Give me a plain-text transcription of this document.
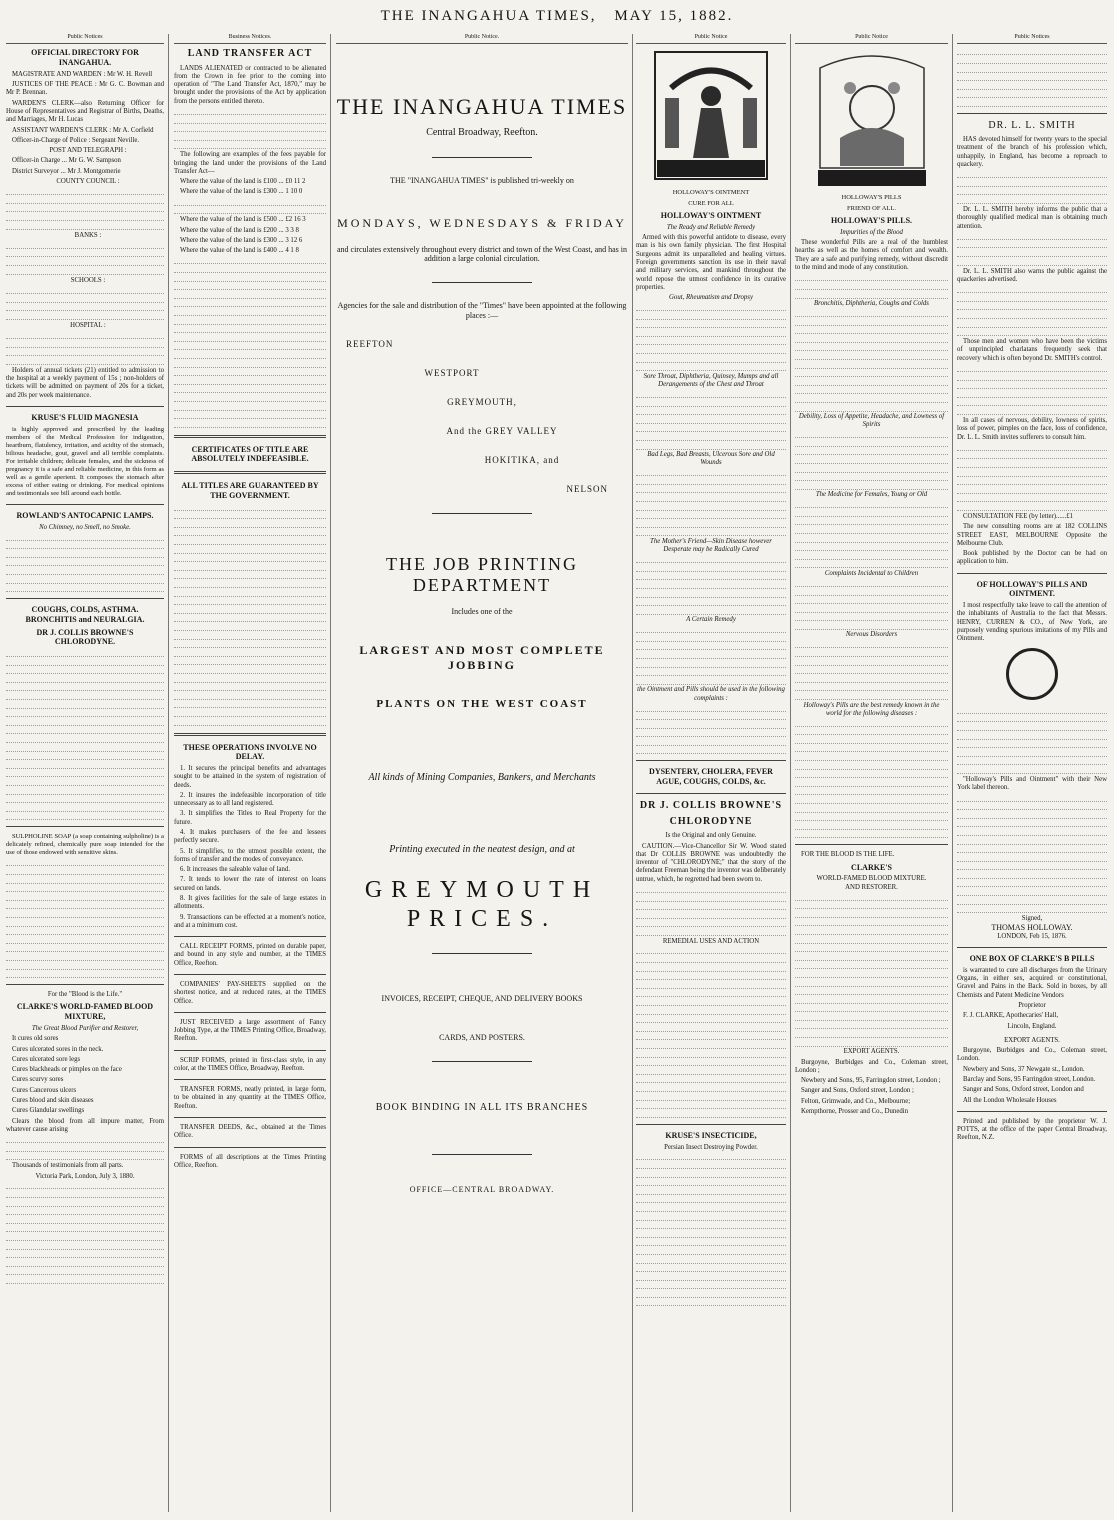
THE INANGAHUA TIMES, MAY 15, 1882.
Public Notices
OFFICIAL DIRECTORY FOR INANGAHUA.
MAGISTRATE AND WARDEN : Mr W. H. Revell
JUSTICES OF THE PEACE : Mr G. C. Bowman and Mr P. Brennan.
WARDEN'S CLERK—also Returning Officer for House of Representatives and Registrar of Births, Deaths, and Marriages, Mr H. Lucas
ASSISTANT WARDEN'S CLERK : Mr A. Corfield
Officer-in-Charge of Police : Sergeant Neville.
POST AND TELEGRAPH :
Officer-in Charge ... Mr G. W. Sampson
District Surveyor ... Mr J. Montgomerie
COUNTY COUNCIL :
BANKS :
SCHOOLS :
HOSPITAL :
Holders of annual tickets (21) entitled to admission to the hospital at a weekly payment of 15s ; non-holders of tickets will be admitted on payment of 20s for a ticket, and 20s per week maintenance.
KRUSE'S FLUID MAGNESIA
is highly approved and prescribed by the leading members of the Medical Profession for indigestion, heartburn, flatulency, irritation, and acidity of the stomach, bilious headache, gout, gravel and all terrible complaints. For irritable children; delicate females, and the sickness of pregnancy it is a safe and reliable medicine, in this form as well as a gentle aperient. It composes the stomach after excess of either eating or drinking. For medical opinions and testimonials see bill around each bottle.
ROWLAND'S ANTOCAPNIC LAMPS.
No Chimney, no Smell, no Smoke.
COUGHS, COLDS, ASTHMA. BRONCHITIS and NEURALGIA.
DR J. COLLIS BROWNE'S CHLORODYNE.
SULPHOLINE SOAP (a soap containing sulpholine) is a delicately refined, chemically pure soap intended for the use of those endowed with sensitive skins.
For the "Blood is the Life."
CLARKE'S WORLD-FAMED BLOOD MIXTURE,
The Great Blood Purifier and Restorer,
It cures old sores
Cures ulcerated sores in the neck.
Cures ulcerated sore legs
Cures blackheads or pimples on the face
Cures scurvy sores
Cures Cancerous ulcers
Cures blood and skin diseases
Cures Glandular swellings
Clears the blood from all impure matter, From whatever cause arising
Thousands of testimonials from all parts.
Victoria Park, London, July 3, 1880.
Business Notices.
LAND TRANSFER ACT
LANDS ALIENATED or contracted to be alienated from the Crown in fee prior to the coming into operation of "The Land Transfer Act, 1870," may be brought under the provisions of the Act by application from the persons entitled thereto.
The following are examples of the fees payable for bringing the land under the provisions of the Land Transfer Act—
Where the value of the land is £100 ... £0 11 2
Where the value of the land is £300 ... 1 10 0
Where the value of the land is £500 ... £2 16 3
Where the value of the land is £200 ... 3 3 8
Where the value of the land is £300 ... 3 12 6
Where the value of the land is £400 ... 4 1 8
CERTIFICATES OF TITLE ARE ABSOLUTELY INDEFEASIBLE.
ALL TITLES ARE GUARANTEED BY THE GOVERNMENT.
THESE OPERATIONS INVOLVE NO DELAY.
1. It secures the principal benefits and advantages sought to be attained in the system of registration of deeds.
2. It insures the indefeasible incorporation of title unnecessary as to all land registered.
3. It simplifies the Titles to Real Property for the future.
4. It makes purchasers of the fee and lessees perfectly secure.
5. It simplifies, to the utmost possible extent, the forms of transfer and the modes of conveyance.
6. It increases the saleable value of land.
7. It tends to lower the rate of interest on loans secured on lands.
8. It gives facilities for the sale of large estates in allotments.
9. Transactions can be effected at a moment's notice, and at a minimum cost.
CALL RECEIPT FORMS, printed on durable paper, and bound in any style and number, at the TIMES Office, Reefton.
COMPANIES' PAY-SHEETS supplied on the shortest notice, and at reduced rates, at the TIMES Office.
JUST RECEIVED a large assortment of Fancy Jobbing Type, at the TIMES Printing Office, Broadway, Reefton.
SCRIP FORMS, printed in first-class style, in any color, at the TIMES Office, Broadway, Reefton.
TRANSFER FORMS, neatly printed, in large form, to be obtained in any quantity at the TIMES Office, Reefton.
TRANSFER DEEDS, &c., obtained at the Times Office.
FORMS of all descriptions at the Times Printing Office, Reefton.
Public Notice.
THE INANGAHUA TIMES
Central Broadway, Reefton.
THE "INANGAHUA TIMES" is published tri-weekly on
MONDAYS, WEDNESDAYS & FRIDAY
and circulates extensively throughout every district and town of the West Coast, and has in addition a large colonial circulation.
Agencies for the sale and distribution of the "Times" have been appointed at the following places :—
REEFTON
WESTPORT
GREYMOUTH,
And the GREY VALLEY
HOKITIKA, and
NELSON
THE JOB PRINTING DEPARTMENT
Includes one of the
LARGEST AND MOST COMPLETE JOBBING
PLANTS ON THE WEST COAST
All kinds of Mining Companies, Bankers, and Merchants
Printing executed in the neatest design, and at
GREYMOUTH PRICES.
INVOICES, RECEIPT, CHEQUE, AND DELIVERY BOOKS
CARDS, AND POSTERS.
BOOK BINDING IN ALL ITS BRANCHES
OFFICE—CENTRAL BROADWAY.
Public Notice
HOLLOWAY'S OINTMENT
CURE FOR ALL
HOLLOWAY'S OINTMENT
The Ready and Reliable Remedy
Armed with this powerful antidote to disease, every man is his own family physician. The first Hospital Surgeons admit its unparalleled and healing virtues. Foreign governments sanction its use in their naval and military services, and mankind throughout the world repose the utmost confidence in its curative properties.
Gout, Rheumatism and Dropsy
Sore Throat, Diphtheria, Quinsey, Mumps and all Derangements of the Chest and Throat
Bad Legs, Bad Breasts, Ulcerous Sore and Old Wounds
The Mother's Friend—Skin Disease however Desperate may be Radically Cured
A Certain Remedy
the Ointment and Pills should be used in the following complaints :
DYSENTERY, CHOLERA, FEVER AGUE, COUGHS, COLDS, &c.
DR J. COLLIS BROWNE'S
CHLORODYNE
Is the Original and only Genuine.
CAUTION.—Vice-Chancellor Sir W. Wood stated that Dr COLLIS BROWNE was undoubtedly the inventor of "CHLORODYNE;" that the story of the defendant Freeman being the inventor was deliberately untrue, which, he regretted had been sworn to.
REMEDIAL USES AND ACTION
KRUSE'S INSECTICIDE,
Persian Insect Destroying Powder.
Public Notice
HOLLOWAY'S PILLS
FRIEND OF ALL.
HOLLOWAY'S PILLS.
Impurities of the Blood
These wonderful Pills are a real of the humblest hearths as well as the homes of comfort and wealth. They are a safe and purifying remedy, without discredit to the mind and mode of any constitution.
Bronchitis, Diphtheria, Coughs and Colds
Debility, Loss of Appetite, Headache, and Lowness of Spirits
The Medicine for Females, Young or Old
Complaints Incidental to Children
Nervous Disorders
Holloway's Pills are the best remedy known in the world for the following diseases :
FOR THE BLOOD IS THE LIFE.
CLARKE'S
WORLD-FAMED BLOOD MIXTURE.
AND RESTORER.
EXPORT AGENTS.
Burgoyne, Burbidges and Co., Coleman street, London ;
Newbery and Sons, 95, Farringdon street, London ;
Sanger and Sons, Oxford street, London ;
Felton, Grimwade, and Co., Melbourne;
Kempthorne, Prosser and Co., Dunedin
Public Notices
DR. L. L. SMITH
HAS devoted himself for twenty years to the special treatment of the branch of his profession which, unhappily, in England, has become a reproach to quackery.
Dr. L. L. SMITH hereby informs the public that a thoroughly qualified medical man is obtaining much attention.
Dr. L. L. SMITH also warns the public against the quackeries advertised.
Those men and women who have been the victims of unprincipled charlatans frequently seek that recovery which is often beyond Dr. SMITH's control.
In all cases of nervous, debility, lowness of spirits, loss of power, pimples on the face, loss of confidence, Dr. L. L. Smith invites sufferers to consult him.
CONSULTATION FEE (by letter)......£1
The new consulting rooms are at 182 COLLINS STREET EAST, MELBOURNE Opposite the Melbourne Club.
Book published by the Doctor can be had on application to him.
OF HOLLOWAY'S PILLS AND OINTMENT.
I most respectfully take leave to call the attention of the inhabitants of Australia to the fact that Messrs. HENRY, CURREN & CO., of New York, are purposely vending spurious imitations of my Pills and Ointment.
"Holloway's Pills and Ointment" with their New York label thereon.
Signed,
THOMAS HOLLOWAY.
LONDON, Feb 15, 1876.
ONE BOX OF CLARKE'S B PILLS
is warranted to cure all discharges from the Urinary Organs, in either sex, acquired or constitutional, Gravel and Pains in the Back. Sold in boxes, by all Chemists and Patent Medicine Vendors
Proprietor
F. J. CLARKE, Apothecaries' Hall,
Lincoln, England.
EXPORT AGENTS.
Burgoyne, Burbidges and Co., Coleman street, London.
Newbery and Sons, 37 Newgate st., London.
Barclay and Sons, 95 Farringdon street, London.
Sanger and Sons, Oxford street, London and
All the London Wholesale Houses
Printed and published by the proprietor W. J. POTTS, at the office of the paper Central Broadway, Reefton, N.Z.
